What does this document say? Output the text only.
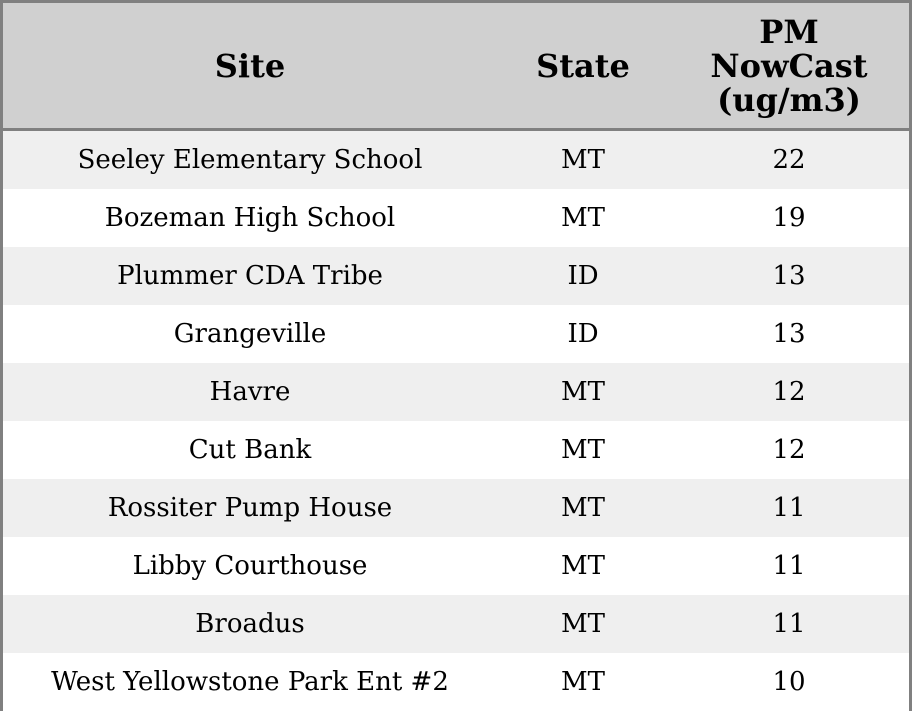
Site	State	PM
NowCast
(ug/m3)
Seeley Elementary School	MT	22
Bozeman High School	MT	19
Plummer CDA Tribe	ID	13
Grangeville	ID	13
Havre	MT	12
Cut Bank	MT	12
Rossiter Pump House	MT	11
Libby Courthouse	MT	11
Broadus	MT	11
West Yellowstone Park Ent #2	MT	10
